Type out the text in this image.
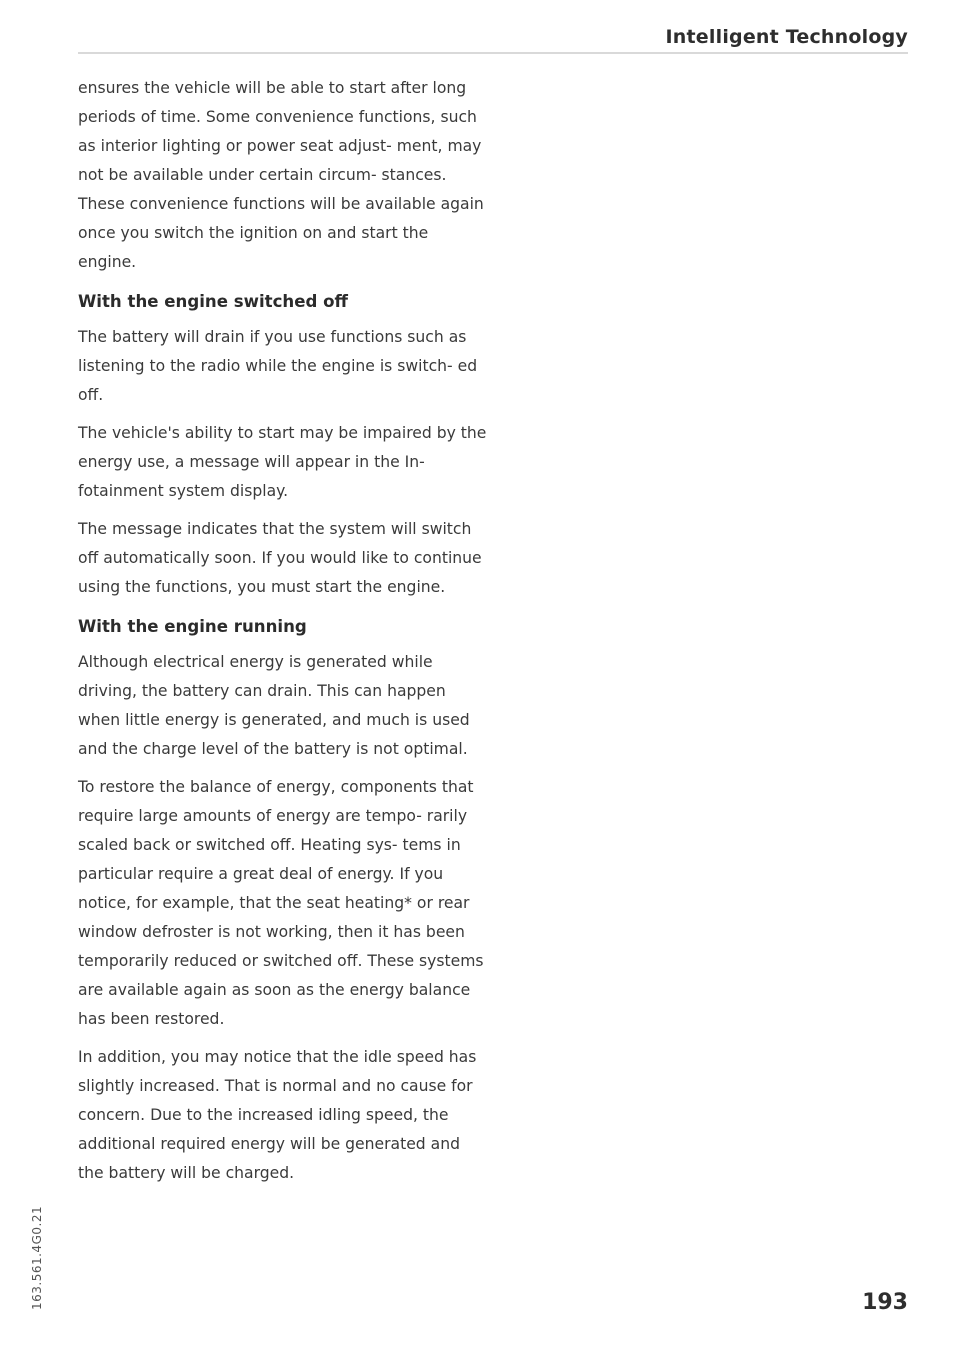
Intelligent Technology

ensures the vehicle will be able to start after long periods of time. Some convenience functions, such as interior lighting or power seat adjust- ment, may not be available under certain circum- stances. These convenience functions will be available again once you switch the ignition on and start the engine.

With the engine switched off

The battery will drain if you use functions such as listening to the radio while the engine is switch- ed off.

The vehicle's ability to start may be impaired by the energy use, a message will appear in the In- fotainment system display.

The message indicates that the system will switch off automatically soon. If you would like to continue using the functions, you must start the engine.

With the engine running

Although electrical energy is generated while driving, the battery can drain. This can happen when little energy is generated, and much is used and the charge level of the battery is not optimal.

To restore the balance of energy, components that require large amounts of energy are tempo- rarily scaled back or switched off. Heating sys- tems in particular require a great deal of energy. If you notice, for example, that the seat heating* or rear window defroster is not working, then it has been temporarily reduced or switched off. These systems are available again as soon as the energy balance has been restored.

In addition, you may notice that the idle speed has slightly increased. That is normal and no cause for concern. Due to the increased idling speed, the additional required energy will be generated and the battery will be charged.

163.561.4G0.21	193
